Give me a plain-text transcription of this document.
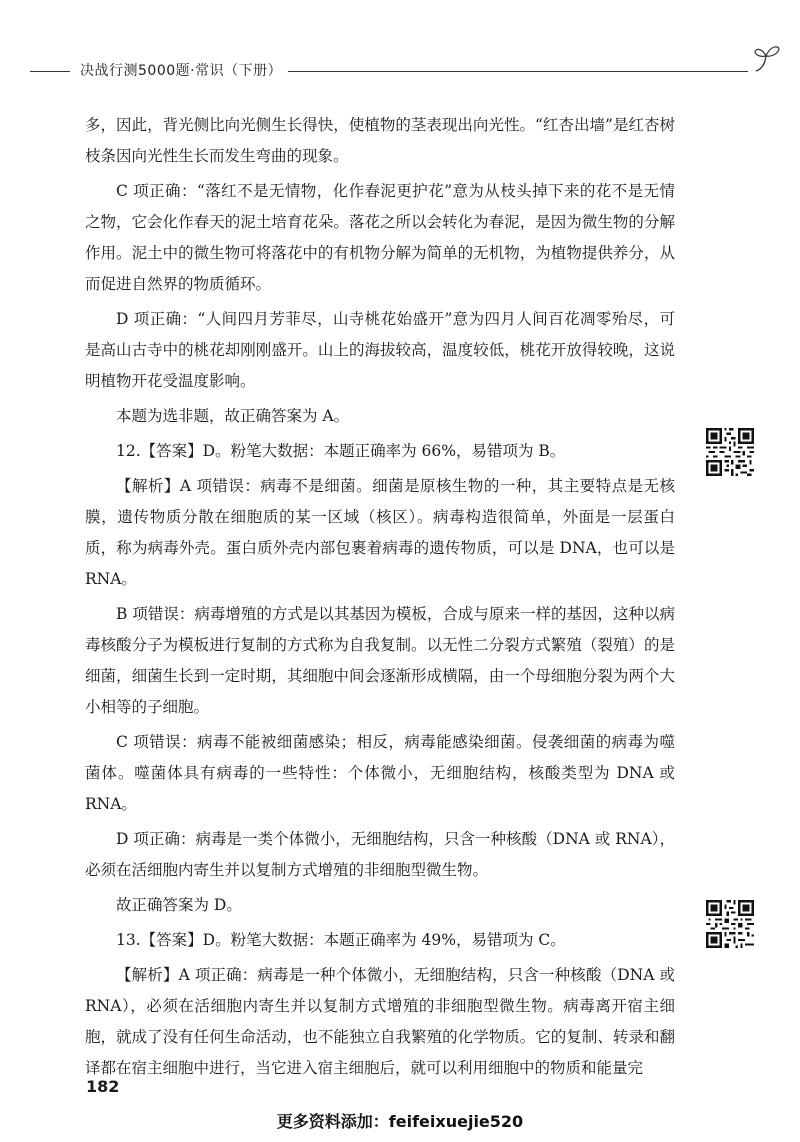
决战行测5000题·常识（下册）

多，因此，背光侧比向光侧生长得快，使植物的茎表现出向光性。“红杏出墙”是红杏树枝条因向光性生长而发生弯曲的现象。

C 项正确：“落红不是无情物，化作春泥更护花”意为从枝头掉下来的花不是无情之物，它会化作春天的泥土培育花朵。落花之所以会转化为春泥，是因为微生物的分解作用。泥土中的微生物可将落花中的有机物分解为简单的无机物，为植物提供养分，从而促进自然界的物质循环。

D 项正确：“人间四月芳菲尽，山寺桃花始盛开”意为四月人间百花凋零殆尽，可是高山古寺中的桃花却刚刚盛开。山上的海拔较高，温度较低，桃花开放得较晚，这说明植物开花受温度影响。

本题为选非题，故正确答案为 A。

12.【答案】D。粉笔大数据：本题正确率为 66%，易错项为 B。

【解析】A 项错误：病毒不是细菌。细菌是原核生物的一种，其主要特点是无核膜，遗传物质分散在细胞质的某一区域（核区）。病毒构造很简单，外面是一层蛋白质，称为病毒外壳。蛋白质外壳内部包裹着病毒的遗传物质，可以是 DNA，也可以是 RNA。

B 项错误：病毒增殖的方式是以其基因为模板，合成与原来一样的基因，这种以病毒核酸分子为模板进行复制的方式称为自我复制。以无性二分裂方式繁殖（裂殖）的是细菌，细菌生长到一定时期，其细胞中间会逐渐形成横隔，由一个母细胞分裂为两个大小相等的子细胞。

C 项错误：病毒不能被细菌感染；相反，病毒能感染细菌。侵袭细菌的病毒为噬菌体。噬菌体具有病毒的一些特性：个体微小，无细胞结构，核酸类型为 DNA 或 RNA。

D 项正确：病毒是一类个体微小，无细胞结构，只含一种核酸（DNA 或 RNA），必须在活细胞内寄生并以复制方式增殖的非细胞型微生物。

故正确答案为 D。

13.【答案】D。粉笔大数据：本题正确率为 49%，易错项为 C。

【解析】A 项正确：病毒是一种个体微小，无细胞结构，只含一种核酸（DNA 或 RNA），必须在活细胞内寄生并以复制方式增殖的非细胞型微生物。病毒离开宿主细胞，就成了没有任何生命活动，也不能独立自我繁殖的化学物质。它的复制、转录和翻译都在宿主细胞中进行，当它进入宿主细胞后，就可以利用细胞中的物质和能量完

182
更多资料添加：feifeixuejie520
